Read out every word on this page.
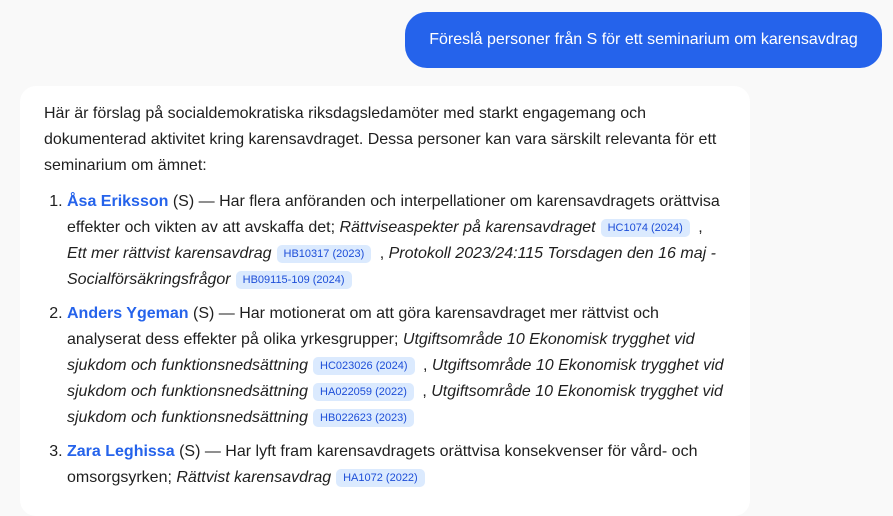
Föreslå personer från S för ett seminarium om karensavdrag

Här är förslag på socialdemokratiska riksdagsledamöter med starkt engagemang och dokumenterad aktivitet kring karensavdraget. Dessa personer kan vara särskilt relevanta för ett seminarium om ämnet:

1. Åsa Eriksson (S) — Har flera anföranden och interpellationer om karensavdragets orättvisa effekter och vikten av att avskaffa det; Rättviseaspekter på karensavdraget HC1074 (2024) , Ett mer rättvist karensavdrag HB10317 (2023) , Protokoll 2023/24:115 Torsdagen den 16 maj - Socialförsäkringsfrågor HB09115-109 (2024)
2. Anders Ygeman (S) — Har motionerat om att göra karensavdraget mer rättvist och analyserat dess effekter på olika yrkesgrupper; Utgiftsområde 10 Ekonomisk trygghet vid sjukdom och funktionsnedsättning HC023026 (2024) , Utgiftsområde 10 Ekonomisk trygghet vid sjukdom och funktionsnedsättning HA022059 (2022) , Utgiftsområde 10 Ekonomisk trygghet vid sjukdom och funktionsnedsättning HB022623 (2023)
3. Zara Leghissa (S) — Har lyft fram karensavdragets orättvisa konsekvenser för vård- och omsorgsyrken; Rättvist karensavdrag HA1072 (2022)
